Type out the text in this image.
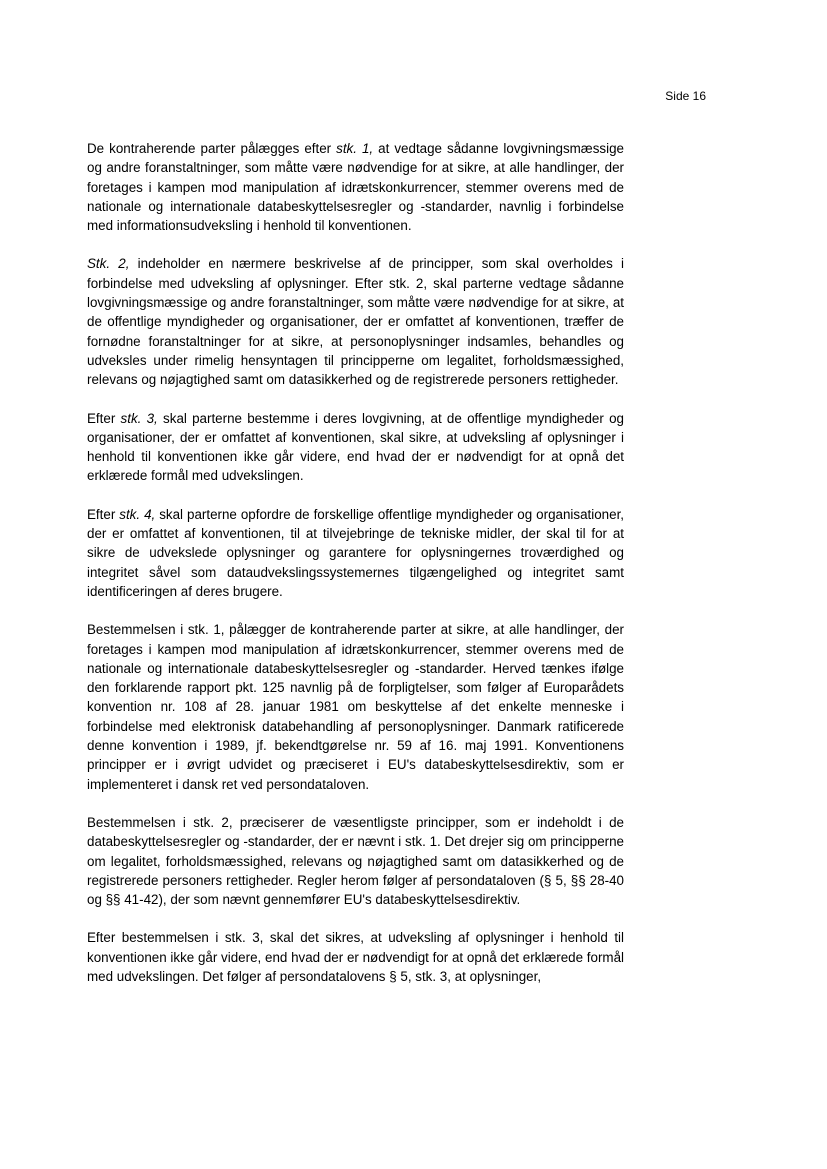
Side 16

De kontraherende parter pålægges efter stk. 1, at vedtage sådanne lovgivningsmæssige og andre foranstaltninger, som måtte være nødvendige for at sikre, at alle handlinger, der foretages i kampen mod manipulation af idrætskonkurrencer, stemmer overens med de nationale og internationale databeskyttelsesregler og -standarder, navnlig i forbindelse med informationsudveksling i henhold til konventionen.

Stk. 2, indeholder en nærmere beskrivelse af de principper, som skal overholdes i forbindelse med udveksling af oplysninger. Efter stk. 2, skal parterne vedtage sådanne lovgivningsmæssige og andre foranstaltninger, som måtte være nødvendige for at sikre, at de offentlige myndigheder og organisationer, der er omfattet af konventionen, træffer de fornødne foranstaltninger for at sikre, at personoplysninger indsamles, behandles og udveksles under rimelig hensyntagen til principperne om legalitet, forholdsmæssighed, relevans og nøjagtighed samt om datasikkerhed og de registrerede personers rettigheder.

Efter stk. 3, skal parterne bestemme i deres lovgivning, at de offentlige myndigheder og organisationer, der er omfattet af konventionen, skal sikre, at udveksling af oplysninger i henhold til konventionen ikke går videre, end hvad der er nødvendigt for at opnå det erklærede formål med udvekslingen.

Efter stk. 4, skal parterne opfordre de forskellige offentlige myndigheder og organisationer, der er omfattet af konventionen, til at tilvejebringe de tekniske midler, der skal til for at sikre de udvekslede oplysninger og garantere for oplysningernes troværdighed og integritet såvel som dataudvekslingssystemernes tilgængelighed og integritet samt identificeringen af deres brugere.

Bestemmelsen i stk. 1, pålægger de kontraherende parter at sikre, at alle handlinger, der foretages i kampen mod manipulation af idrætskonkurrencer, stemmer overens med de nationale og internationale databeskyttelsesregler og -standarder. Herved tænkes ifølge den forklarende rapport pkt. 125 navnlig på de forpligtelser, som følger af Europarådets konvention nr. 108 af 28. januar 1981 om beskyttelse af det enkelte menneske i forbindelse med elektronisk databehandling af personoplysninger. Danmark ratificerede denne konvention i 1989, jf. bekendtgørelse nr. 59 af 16. maj 1991. Konventionens principper er i øvrigt udvidet og præciseret i EU's databeskyttelsesdirektiv, som er implementeret i dansk ret ved persondataloven.

Bestemmelsen i stk. 2, præciserer de væsentligste principper, som er indeholdt i de databeskyttelsesregler og -standarder, der er nævnt i stk. 1. Det drejer sig om principperne om legalitet, forholdsmæssighed, relevans og nøjagtighed samt om datasikkerhed og de registrerede personers rettigheder. Regler herom følger af persondataloven (§ 5, §§ 28-40 og §§ 41-42), der som nævnt gennemfører EU's databeskyttelsesdirektiv.

Efter bestemmelsen i stk. 3, skal det sikres, at udveksling af oplysninger i henhold til konventionen ikke går videre, end hvad der er nødvendigt for at opnå det erklærede formål med udvekslingen. Det følger af persondatalovens § 5, stk. 3, at oplysninger,
